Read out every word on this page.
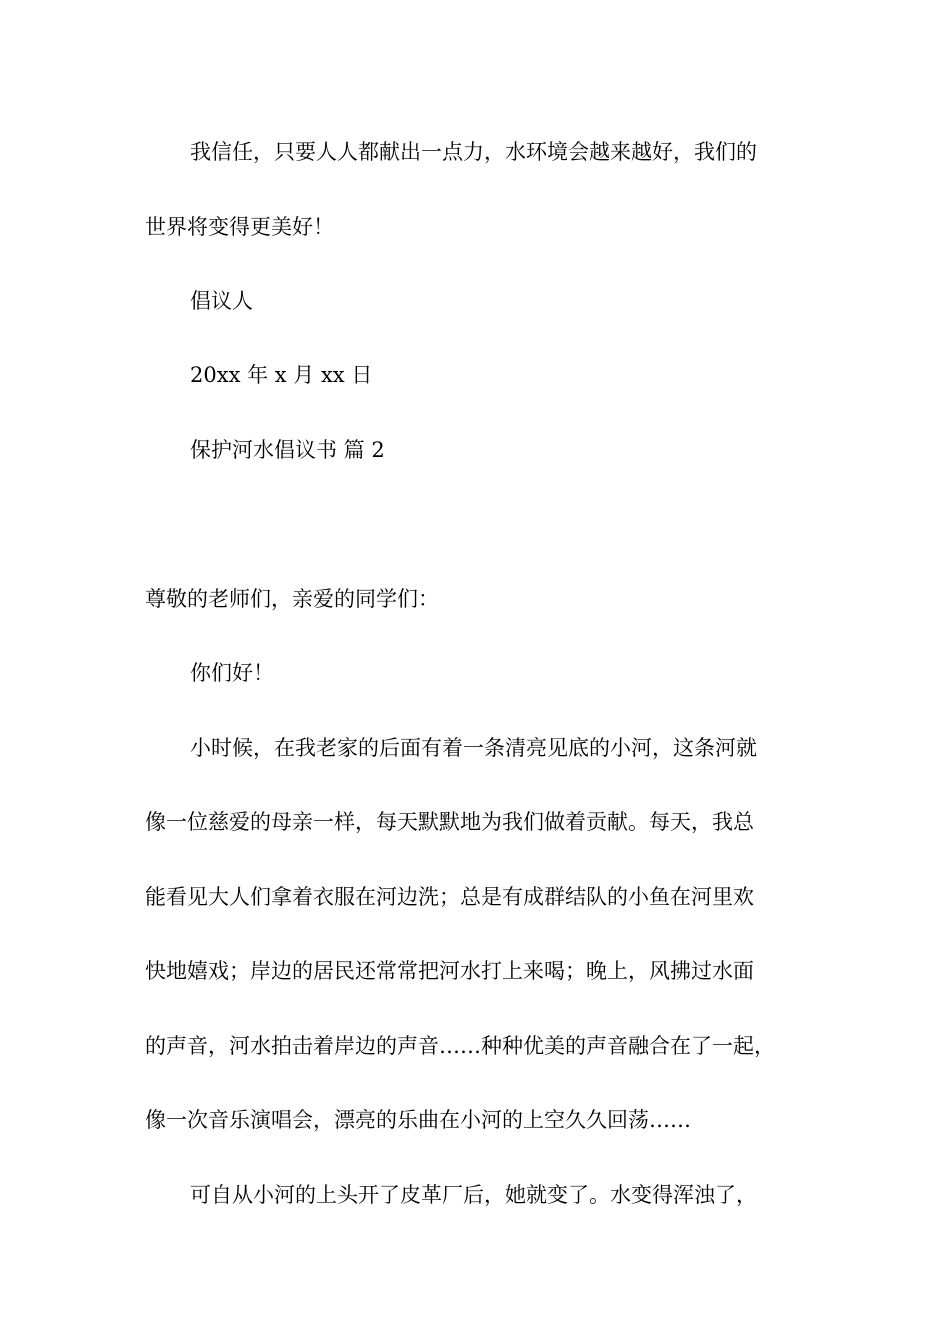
我信任，只要人人都献出一点力，水环境会越来越好，我们的

世界将变得更美好！

倡议人

20xx 年 x 月 xx 日

保护河水倡议书 篇 2

尊敬的老师们，亲爱的同学们：

你们好！

小时候，在我老家的后面有着一条清亮见底的小河，这条河就

像一位慈爱的母亲一样，每天默默地为我们做着贡献。每天，我总

能看见大人们拿着衣服在河边洗；总是有成群结队的小鱼在河里欢

快地嬉戏；岸边的居民还常常把河水打上来喝；晚上，风拂过水面

的声音，河水拍击着岸边的声音……种种优美的声音融合在了一起，

像一次音乐演唱会，漂亮的乐曲在小河的上空久久回荡……

可自从小河的上头开了皮革厂后，她就变了。水变得浑浊了，
